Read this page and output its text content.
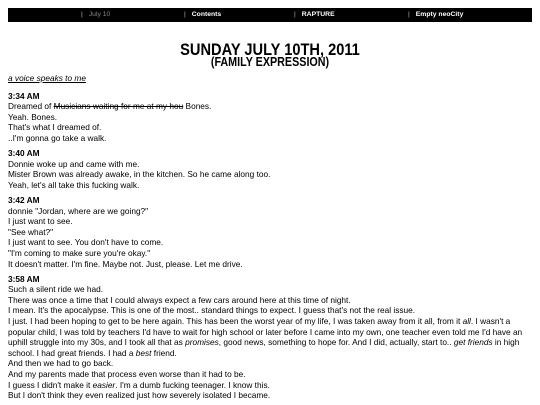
| July 10	| Contents	| RAPTURE	| Empty neoCity
SUNDAY JULY 10TH, 2011
(FAMILY EXPRESSION)
a voice speaks to me
3:34 AM
Dreamed of Musicians waiting for me at my hou Bones.
Yeah. Bones.
That's what I dreamed of.
..I'm gonna go take a walk.
3:40 AM
Donnie woke up and came with me.
Mister Brown was already awake, in the kitchen. So he came along too.
Yeah, let's all take this fucking walk.
3:42 AM
donnie "Jordan, where are we going?"
I just want to see.
"See what?"
I just want to see. You don't have to come.
"I'm coming to make sure you're okay."
It doesn't matter. I'm fine. Maybe not. Just, please. Let me drive.
3:58 AM
Such a silent ride we had.
There was once a time that I could always expect a few cars around here at this time of night.
I mean. It's the apocalypse. This is one of the most.. standard things to expect. I guess that's not the real issue.
I just. I had been hoping to get to be here again. This has been the worst year of my life, I was taken away from it all, from it all. I wasn't a popular child, I was told by teachers I'd have to wait for high school or later before I came into my own, one teacher even told me I'd have an uphill struggle into my 30s, and I took all that as promises, good news, something to hope for. And I did, actually, start to.. get friends in high school. I had great friends. I had a best friend.
And then we had to go back.
And my parents made that process even worse than it had to be.
I guess I didn't make it easier. I'm a dumb fucking teenager. I know this.
But I don't think they even realized just how severely isolated I became.
